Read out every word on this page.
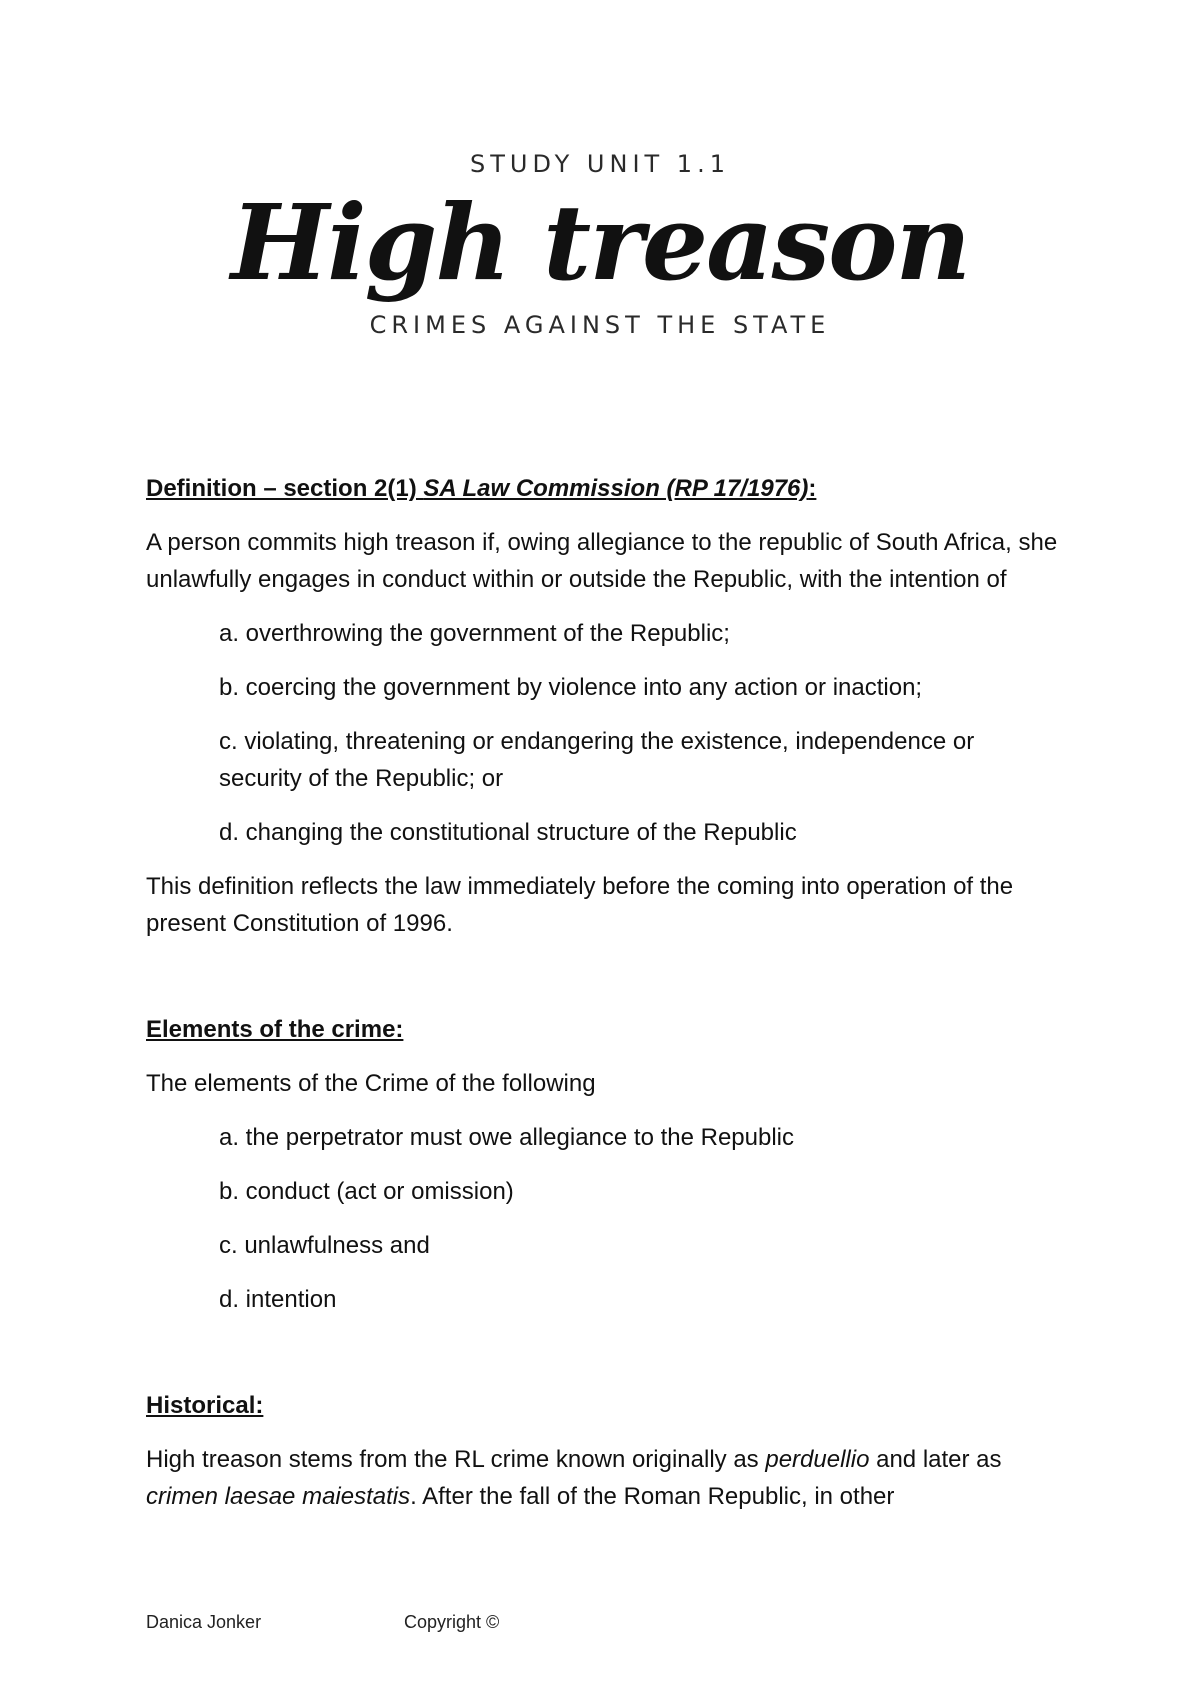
STUDY UNIT 1.1

High treason

CRIMES AGAINST THE STATE

Definition – section 2(1) SA Law Commission (RP 17/1976):

A person commits high treason if, owing allegiance to the republic of South Africa, she unlawfully engages in conduct within or outside the Republic, with the intention of

a. overthrowing the government of the Republic;
b. coercing the government by violence into any action or inaction;
c. violating, threatening or endangering the existence, independence or security of the Republic; or
d. changing the constitutional structure of the Republic

This definition reflects the law immediately before the coming into operation of the present Constitution of 1996.

Elements of the crime:

The elements of the Crime of the following

a. the perpetrator must owe allegiance to the Republic
b. conduct (act or omission)
c. unlawfulness and
d. intention

Historical:

High treason stems from the RL crime known originally as perduellio and later as crimen laesae maiestatis. After the fall of the Roman Republic, in other

Danica Jonker	Copyright ©
